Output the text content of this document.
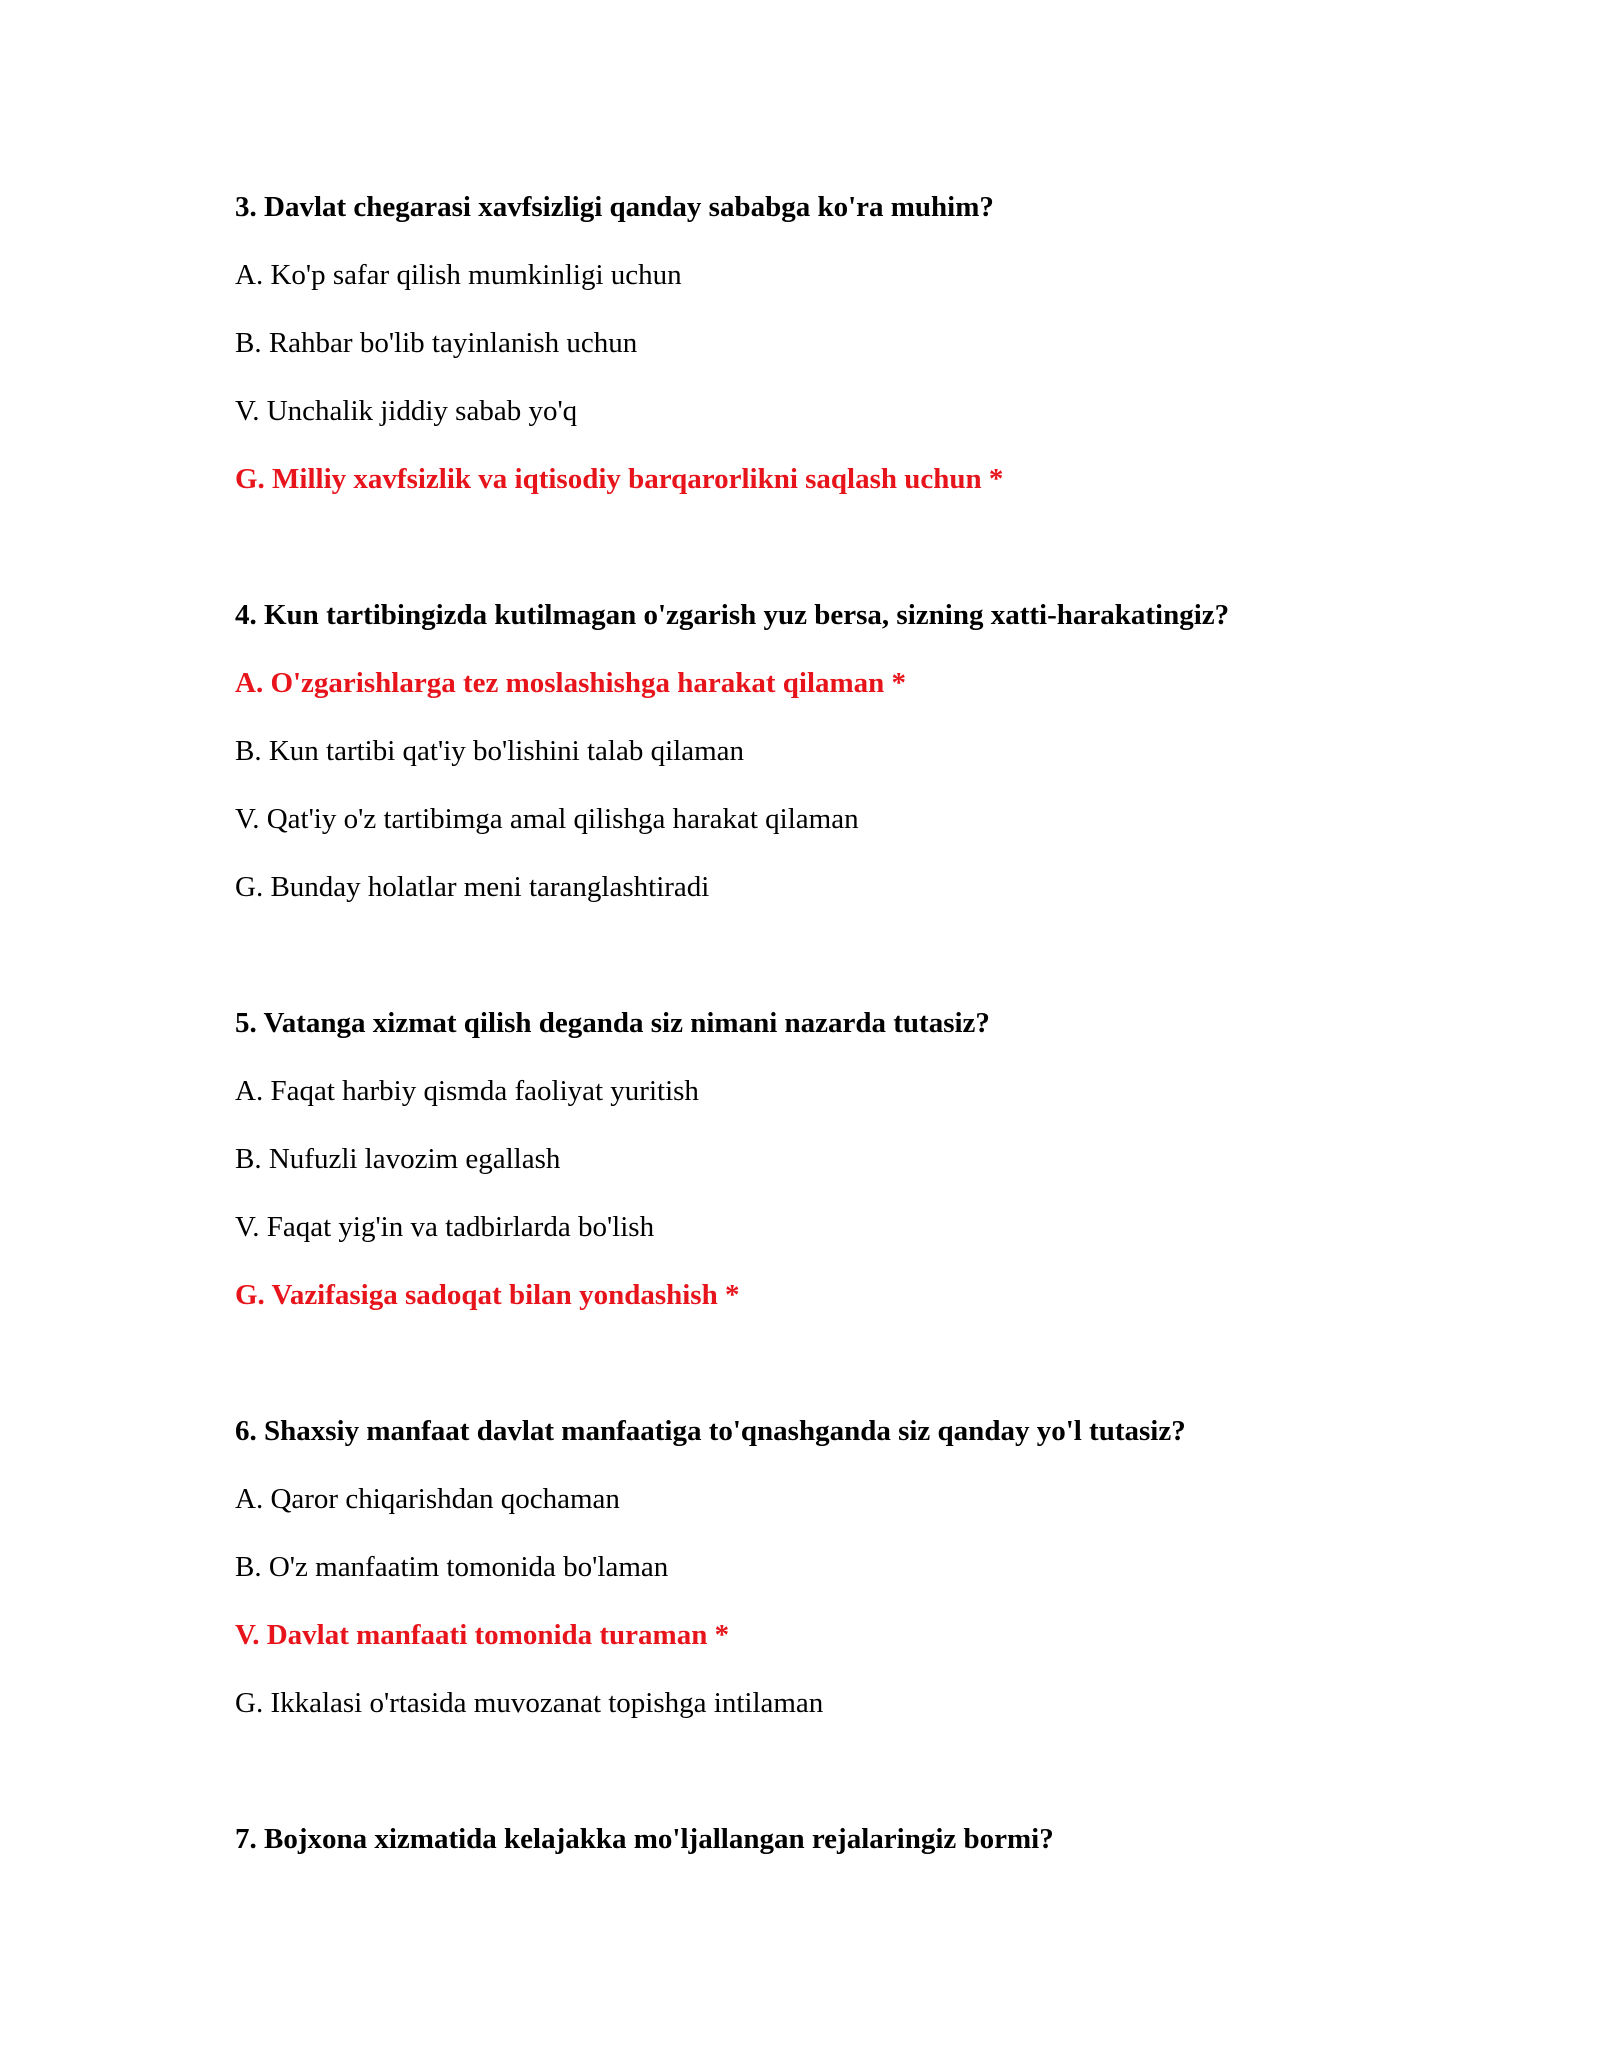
3. Davlat chegarasi xavfsizligi qanday sababga ko'ra muhim?

A. Ko'p safar qilish mumkinligi uchun

B. Rahbar bo'lib tayinlanish uchun

V. Unchalik jiddiy sabab yo'q

G. Milliy xavfsizlik va iqtisodiy barqarorlikni saqlash uchun *

4. Kun tartibingizda kutilmagan o'zgarish yuz bersa, sizning xatti-harakatingiz?

A. O'zgarishlarga tez moslashishga harakat qilaman *

B. Kun tartibi qat'iy bo'lishini talab qilaman

V. Qat'iy o'z tartibimga amal qilishga harakat qilaman

G. Bunday holatlar meni taranglashtiradi

5. Vatanga xizmat qilish deganda siz nimani nazarda tutasiz?

A. Faqat harbiy qismda faoliyat yuritish

B. Nufuzli lavozim egallash

V. Faqat yig'in va tadbirlarda bo'lish

G. Vazifasiga sadoqat bilan yondashish *

6. Shaxsiy manfaat davlat manfaatiga to'qnashganda siz qanday yo'l tutasiz?

A. Qaror chiqarishdan qochaman

B. O'z manfaatim tomonida bo'laman

V. Davlat manfaati tomonida turaman *

G. Ikkalasi o'rtasida muvozanat topishga intilaman

7. Bojxona xizmatida kelajakka mo'ljallangan rejalaringiz bormi?
